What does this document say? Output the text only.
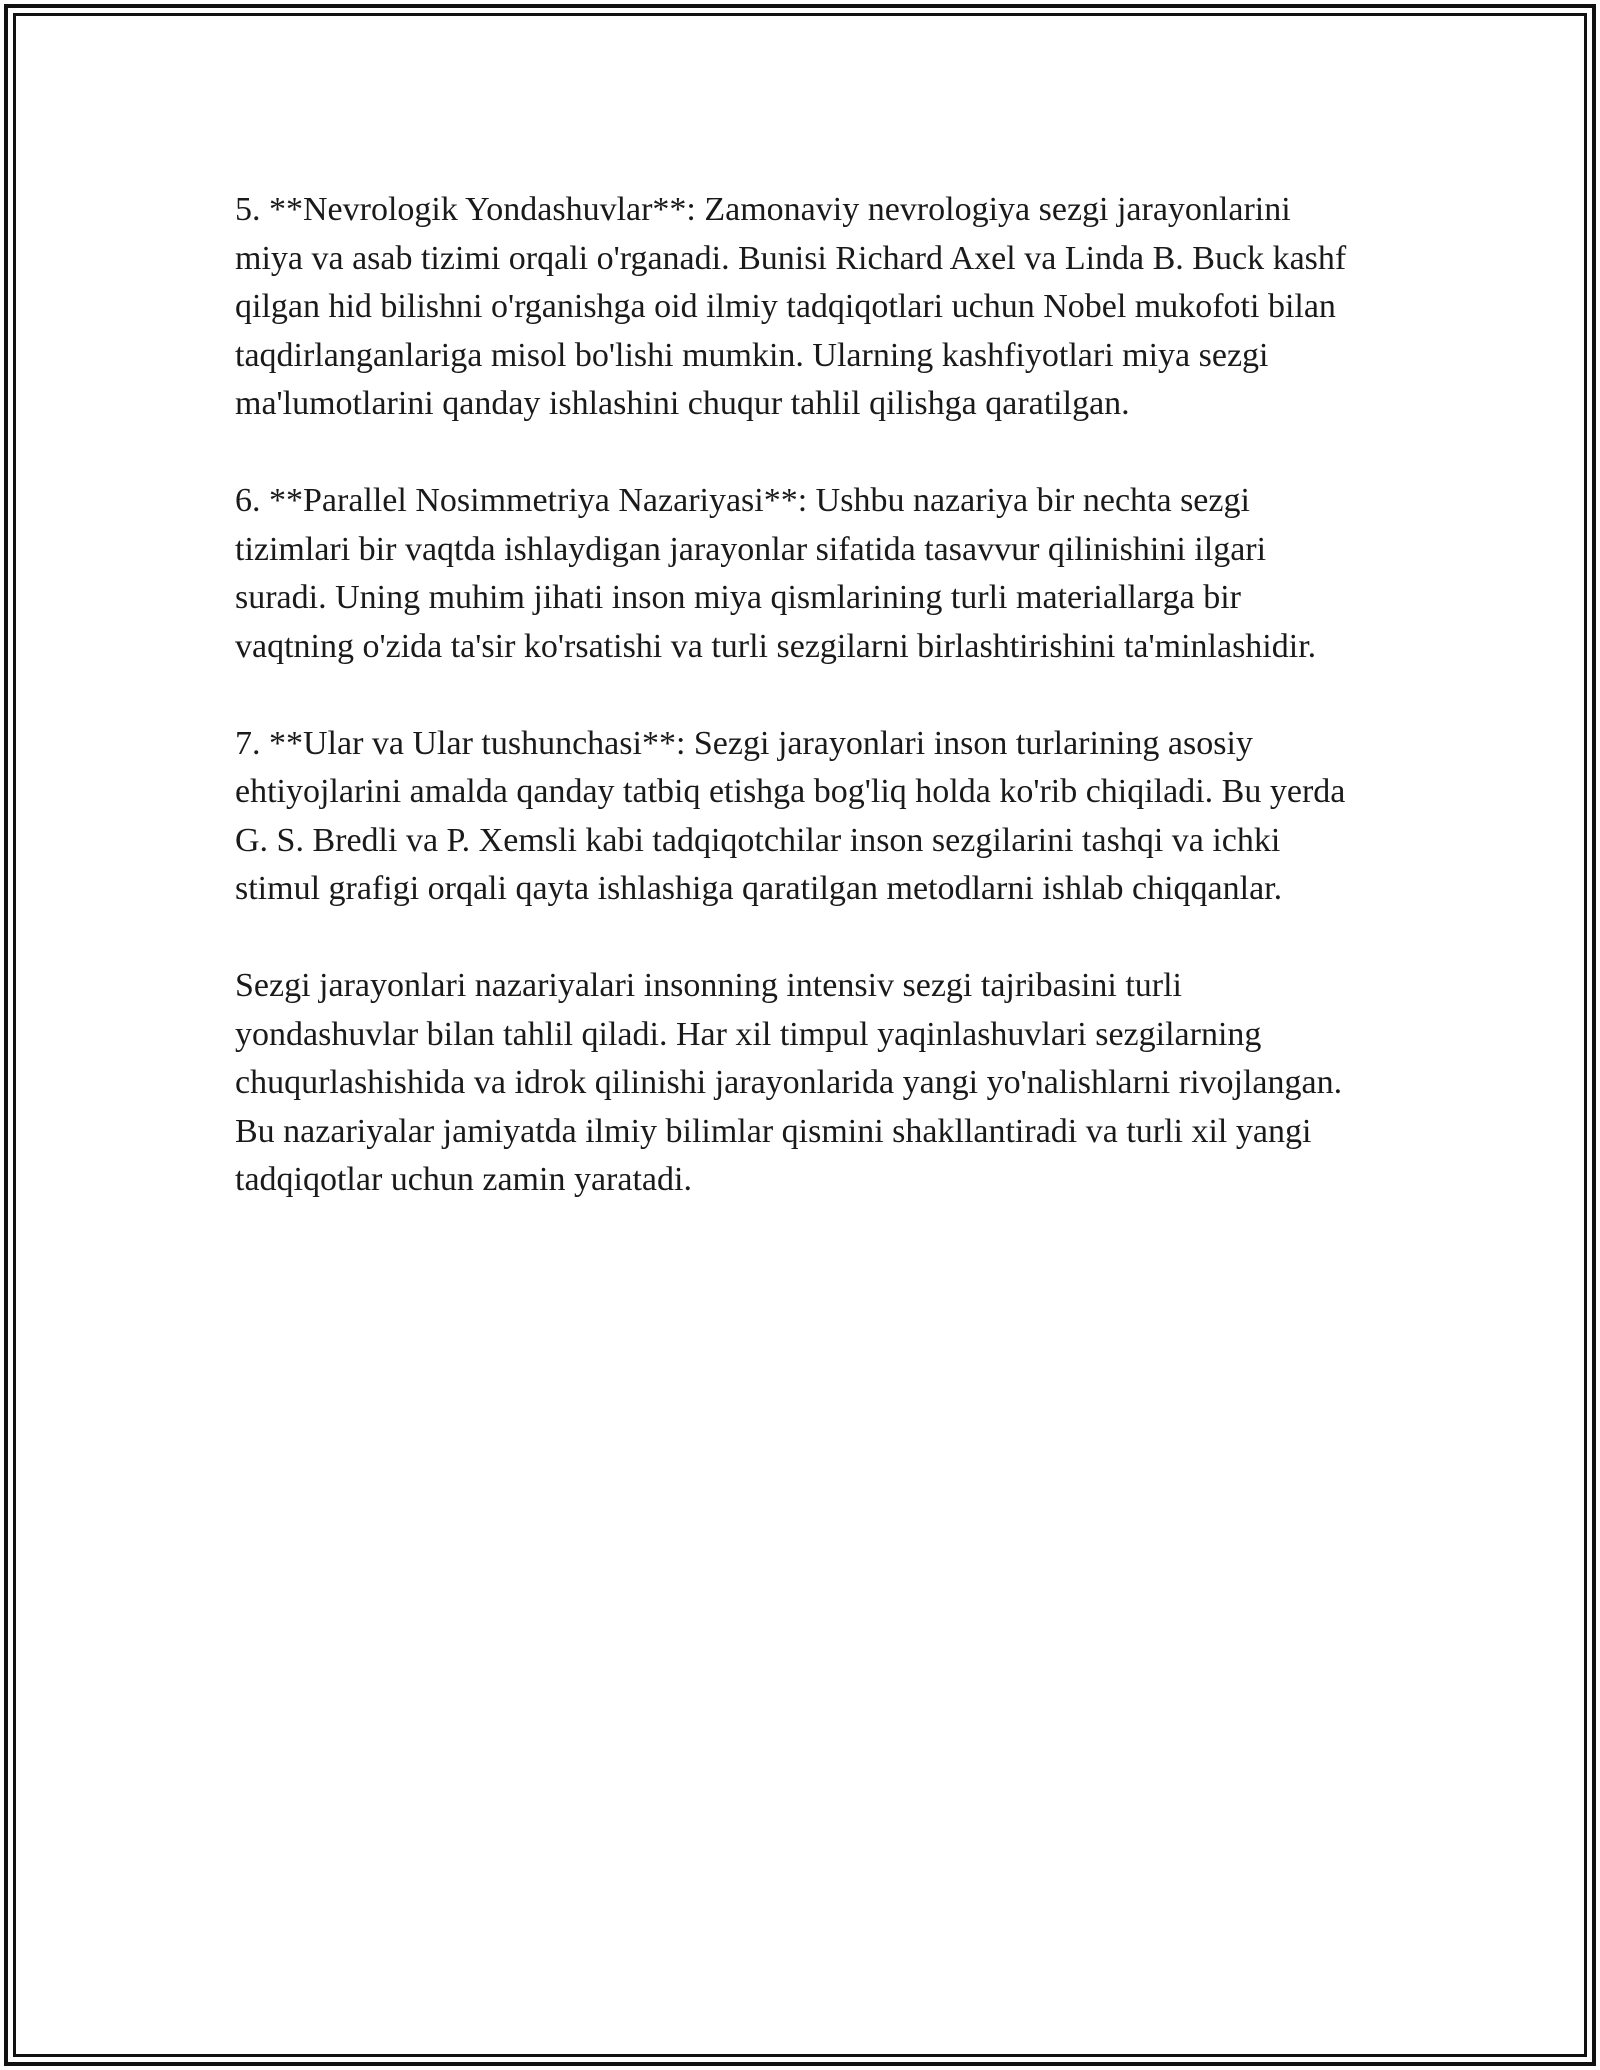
5. **Nevrologik Yondashuvlar**: Zamonaviy nevrologiya sezgi jarayonlarini miya va asab tizimi orqali o'rganadi. Bunisi Richard Axel va Linda B. Buck kashf qilgan hid bilishni o'rganishga oid ilmiy tadqiqotlari uchun Nobel mukofoti bilan taqdirlanganlariga misol bo'lishi mumkin. Ularning kashfiyotlari miya sezgi ma'lumotlarini qanday ishlashini chuqur tahlil qilishga qaratilgan.

6. **Parallel Nosimmetriya Nazariyasi**: Ushbu nazariya bir nechta sezgi tizimlari bir vaqtda ishlaydigan jarayonlar sifatida tasavvur qilinishini ilgari suradi. Uning muhim jihati inson miya qismlarining turli materiallarga bir vaqtning o'zida ta'sir ko'rsatishi va turli sezgilarni birlashtirishini ta'minlashidir.

7. **Ular va Ular tushunchasi**: Sezgi jarayonlari inson turlarining asosiy ehtiyojlarini amalda qanday tatbiq etishga bog'liq holda ko'rib chiqiladi. Bu yerda G. S. Bredli va P. Xemsli kabi tadqiqotchilar inson sezgilarini tashqi va ichki stimul grafigi orqali qayta ishlashiga qaratilgan metodlarni ishlab chiqqanlar.

Sezgi jarayonlari nazariyalari insonning intensiv sezgi tajribasini turli yondashuvlar bilan tahlil qiladi. Har xil timpul yaqinlashuvlari sezgilarning chuqurlashishida va idrok qilinishi jarayonlarida yangi yo'nalishlarni rivojlangan. Bu nazariyalar jamiyatda ilmiy bilimlar qismini shakllantiradi va turli xil yangi tadqiqotlar uchun zamin yaratadi.
